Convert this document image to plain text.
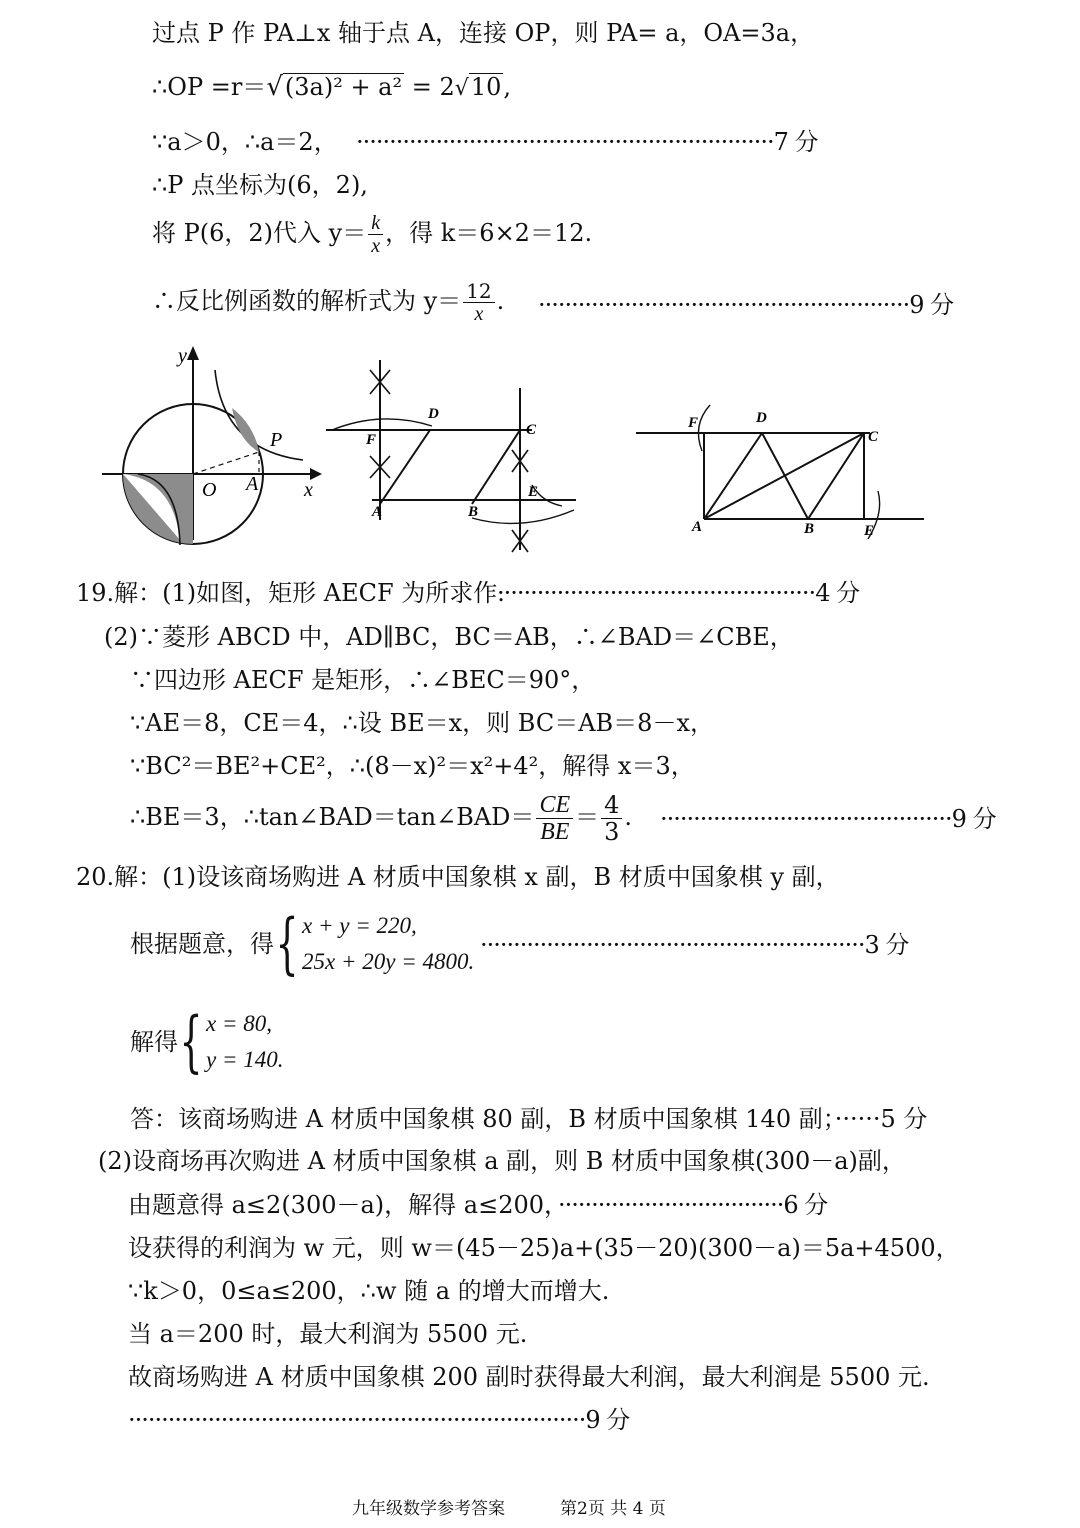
过点 P 作 PA⊥x 轴于点 A，连接 OP，则 PA= a，OA=3a，
∴OP =r＝√(3a)² + a² = 2√10,
∵a＞0，∴a＝2， ·······························································7 分
∴P 点坐标为(6，2),
将 P(6，2)代入 $y= \frac{k}{x}$ ，得 k＝6×2＝12.
∴反比例函数的解析式为 $y= \frac{12}{x}$ . ························································9 分
y
x
O A
P
D
C
F
E
A	B
F	D
C
A	B	E
19.解：(1)如图，矩形 AECF 为所求作.
················································4 分
(2)∵菱形 ABCD 中，AD∥BC，BC＝AB，∴∠BAD＝∠CBE，
∵四边形 AECF 是矩形，∴∠BEC＝90°，
∵AE＝8，CE＝4，∴设 BE＝x，则 BC＝AB＝8－x，
∵BC²＝BE²+CE²，∴(8－x)²＝x²+4²，解得 x＝3，
∴BE＝3，∴tan∠BAD＝tan∠BAD＝ $\frac{CE}{BE} = \frac{4}{3}$ . ············································9 分
20.解：(1)设该商场购进 A 材质中国象棋 x 副，B 材质中国象棋 y 副，
根据题意，得 { x + y = 220,
25x + 20y = 4800.
··························································3 分
解得 { x = 80,
y = 140.
答：该商场购进 A 材质中国象棋 80 副，B 材质中国象棋 140 副；······5 分
(2)设商场再次购进 A 材质中国象棋 a 副，则 B 材质中国象棋(300－a)副，
由题意得 a≤2(300－a)，解得 a≤200，
··································6 分
设获得的利润为 w 元，则 w＝(45－25)a+(35－20)(300－a)＝5a+4500，
∵k＞0，0≤a≤200，∴w 随 a 的增大而增大.
当 a＝200 时，最大利润为 5500 元.
故商场购进 A 材质中国象棋 200 副时获得最大利润，最大利润是 5500 元.
·····································································9 分
九年级数学参考答案	第2页 共 4 页
